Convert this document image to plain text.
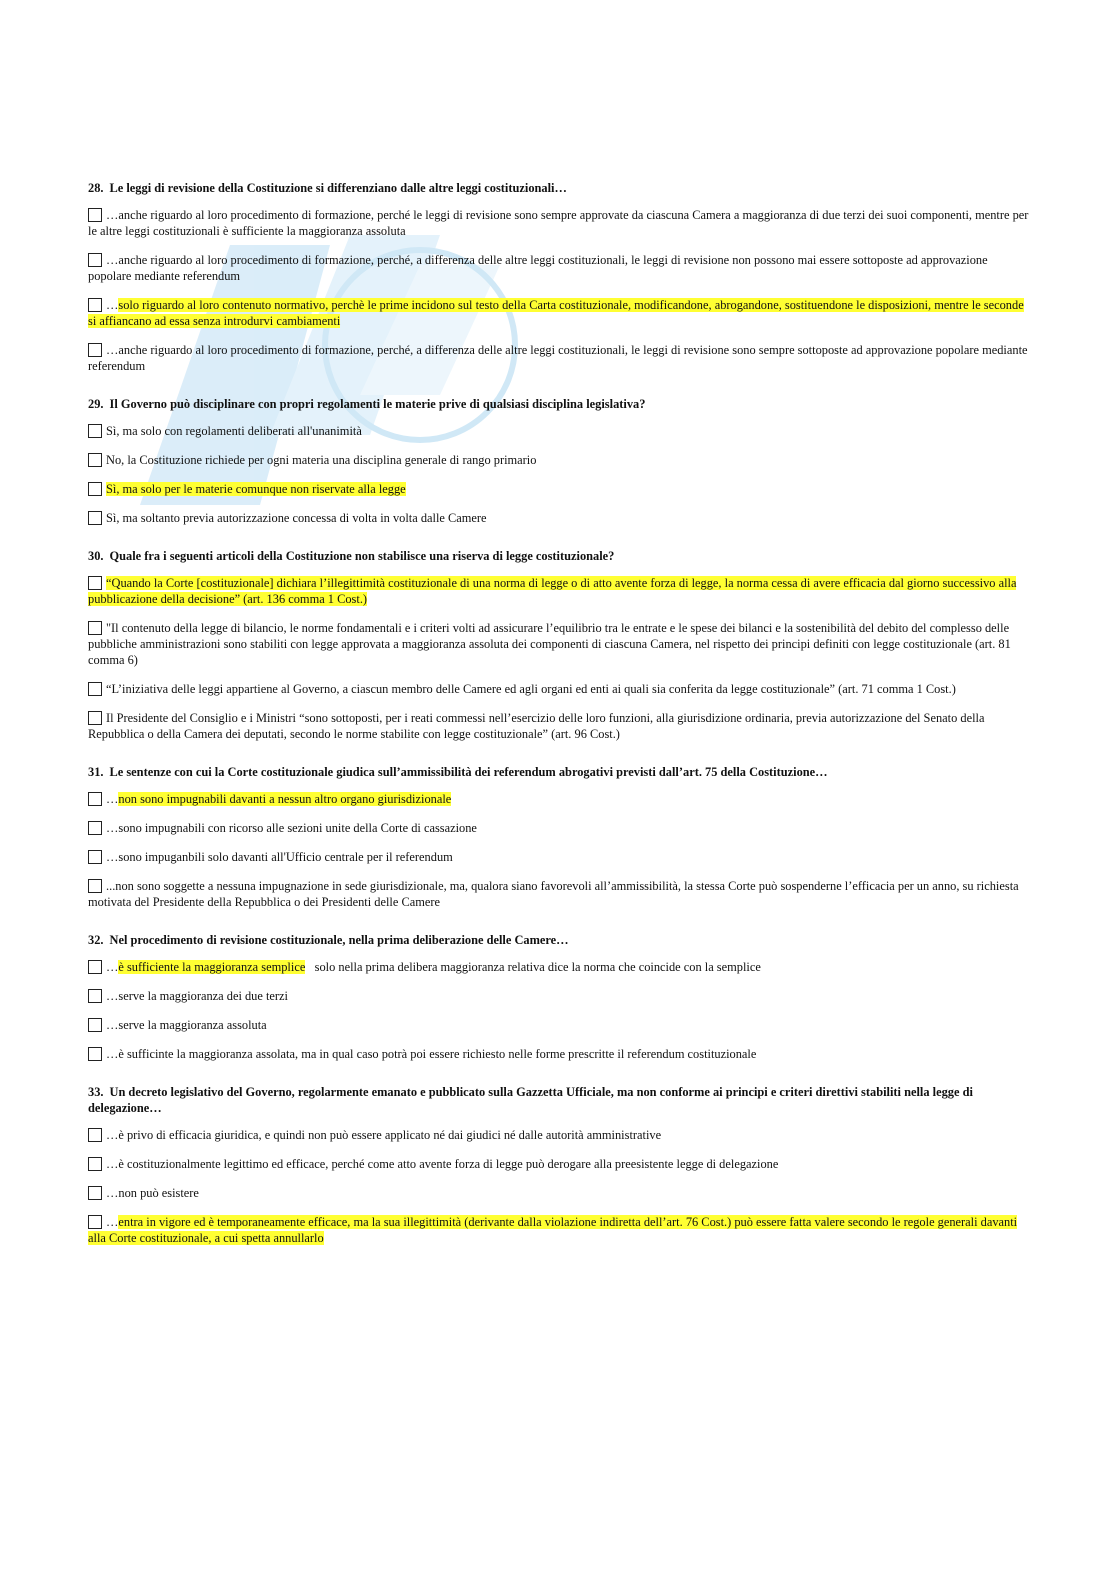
28. Le leggi di revisione della Costituzione si differenziano dalle altre leggi costituzionali…
…anche riguardo al loro procedimento di formazione, perché le leggi di revisione sono sempre approvate da ciascuna Camera a maggioranza di due terzi dei suoi componenti, mentre per le altre leggi costituzionali è sufficiente la maggioranza assoluta
…anche riguardo al loro procedimento di formazione, perché, a differenza delle altre leggi costituzionali, le leggi di revisione non possono mai essere sottoposte ad approvazione popolare mediante referendum
…solo riguardo al loro contenuto normativo, perchè le prime incidono sul testo della Carta costituzionale, modificandone, abrogandone, sostituendone le disposizioni, mentre le seconde si affiancano ad essa senza introdurvi cambiamenti
…anche riguardo al loro procedimento di formazione, perché, a differenza delle altre leggi costituzionali, le leggi di revisione sono sempre sottoposte ad approvazione popolare mediante referendum
29. Il Governo può disciplinare con propri regolamenti le materie prive di qualsiasi disciplina legislativa?
Sì, ma solo con regolamenti deliberati all'unanimità
No, la Costituzione richiede per ogni materia una disciplina generale di rango primario
Sì, ma solo per le materie comunque non riservate alla legge
Sì, ma soltanto previa autorizzazione concessa di volta in volta dalle Camere
30. Quale fra i seguenti articoli della Costituzione non stabilisce una riserva di legge costituzionale?
“Quando la Corte [costituzionale] dichiara l’illegittimità costituzionale di una norma di legge o di atto avente forza di legge, la norma cessa di avere efficacia dal giorno successivo alla pubblicazione della decisione” (art. 136 comma 1 Cost.)
"Il contenuto della legge di bilancio, le norme fondamentali e i criteri volti ad assicurare l’equilibrio tra le entrate e le spese dei bilanci e la sostenibilità del debito del complesso delle pubbliche amministrazioni sono stabiliti con legge approvata a maggioranza assoluta dei componenti di ciascuna Camera, nel rispetto dei principi definiti con legge costituzionale (art. 81 comma 6)
“L’iniziativa delle leggi appartiene al Governo, a ciascun membro delle Camere ed agli organi ed enti ai quali sia conferita da legge costituzionale” (art. 71 comma 1 Cost.)
Il Presidente del Consiglio e i Ministri “sono sottoposti, per i reati commessi nell’esercizio delle loro funzioni, alla giurisdizione ordinaria, previa autorizzazione del Senato della Repubblica o della Camera dei deputati, secondo le norme stabilite con legge costituzionale” (art. 96 Cost.)
31. Le sentenze con cui la Corte costituzionale giudica sull’ammissibilità dei referendum abrogativi previsti dall’art. 75 della Costituzione…
…non sono impugnabili davanti a nessun altro organo giurisdizionale
…sono impugnabili con ricorso alle sezioni unite della Corte di cassazione
…sono impuganbili solo davanti all'Ufficio centrale per il referendum
...non sono soggette a nessuna impugnazione in sede giurisdizionale, ma, qualora siano favorevoli all’ammissibilità, la stessa Corte può sospenderne l’efficacia per un anno, su richiesta motivata del Presidente della Repubblica o dei Presidenti delle Camere
32. Nel procedimento di revisione costituzionale, nella prima deliberazione delle Camere…
…è sufficiente la maggioranza semplice   solo nella prima delibera maggioranza relativa dice la norma che coincide con la semplice
…serve la maggioranza dei due terzi
…serve la maggioranza assoluta
…è sufficinte la maggioranza assolata, ma in qual caso potrà poi essere richiesto nelle forme prescritte il referendum costituzionale
33. Un decreto legislativo del Governo, regolarmente emanato e pubblicato sulla Gazzetta Ufficiale, ma non conforme ai principi e criteri direttivi stabiliti nella legge di delegazione…
…è privo di efficacia giuridica, e quindi non può essere applicato né dai giudici né dalle autorità amministrative
…è costituzionalmente legittimo ed efficace, perché come atto avente forza di legge può derogare alla preesistente legge di delegazione
…non può esistere
…entra in vigore ed è temporaneamente efficace, ma la sua illegittimità (derivante dalla violazione indiretta dell’art. 76 Cost.) può essere fatta valere secondo le regole generali davanti alla Corte costituzionale, a cui spetta annullarlo
